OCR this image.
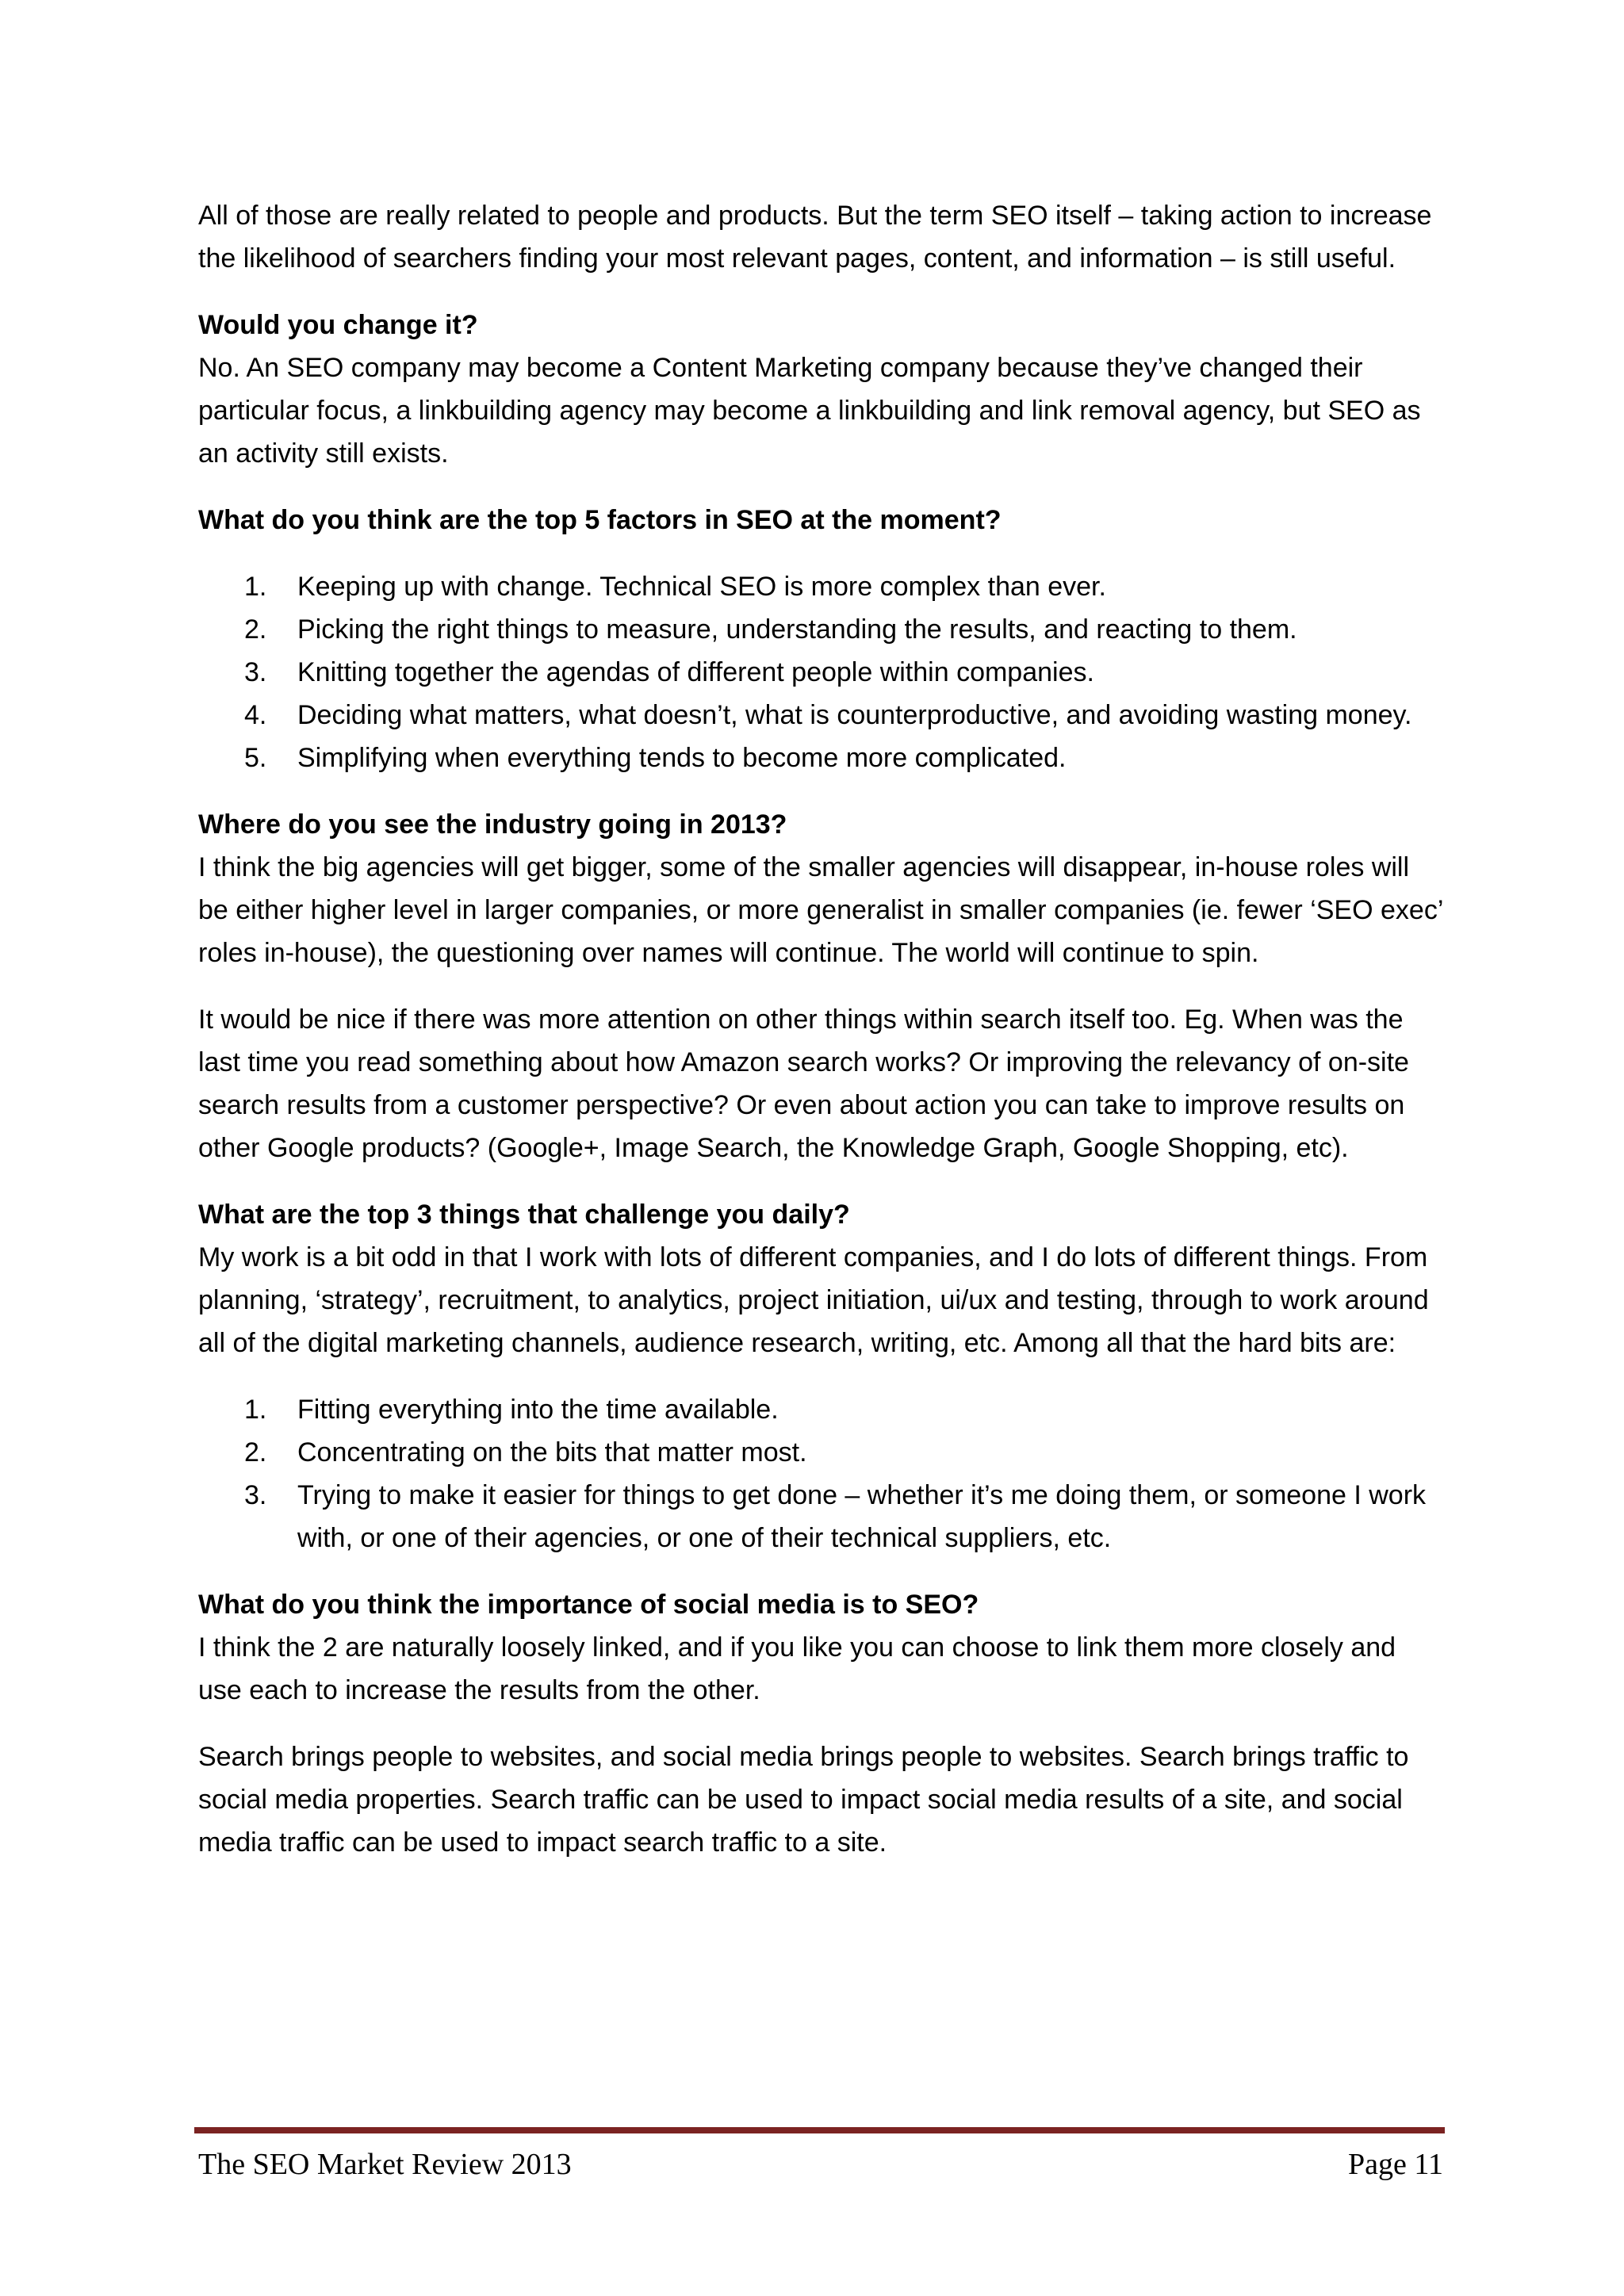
All of those are really related to people and products. But the term SEO itself – taking action to increase the likelihood of searchers finding your most relevant pages, content, and information – is still useful.

Would you change it?

No. An SEO company may become a Content Marketing company because they’ve changed their particular focus, a linkbuilding agency may become a linkbuilding and link removal agency, but SEO as an activity still exists.

What do you think are the top 5 factors in SEO at the moment?

1. Keeping up with change. Technical SEO is more complex than ever.
2. Picking the right things to measure, understanding the results, and reacting to them.
3. Knitting together the agendas of different people within companies.
4. Deciding what matters, what doesn’t, what is counterproductive, and avoiding wasting money.
5. Simplifying when everything tends to become more complicated.

Where do you see the industry going in 2013?

I think the big agencies will get bigger, some of the smaller agencies will disappear, in-house roles will be either higher level in larger companies, or more generalist in smaller companies (ie. fewer ‘SEO exec’ roles in-house), the questioning over names will continue. The world will continue to spin.

It would be nice if there was more attention on other things within search itself too. Eg. When was the last time you read something about how Amazon search works? Or improving the relevancy of on-site search results from a customer perspective? Or even about action you can take to improve results on other Google products? (Google+, Image Search, the Knowledge Graph, Google Shopping, etc).

What are the top 3 things that challenge you daily?

My work is a bit odd in that I work with lots of different companies, and I do lots of different things. From planning, ‘strategy’, recruitment, to analytics, project initiation, ui/ux and testing, through to work around all of the digital marketing channels, audience research, writing, etc. Among all that the hard bits are:

1. Fitting everything into the time available.
2. Concentrating on the bits that matter most.
3. Trying to make it easier for things to get done – whether it’s me doing them, or someone I work with, or one of their agencies, or one of their technical suppliers, etc.

What do you think the importance of social media is to SEO?

I think the 2 are naturally loosely linked, and if you like you can choose to link them more closely and use each to increase the results from the other.

Search brings people to websites, and social media brings people to websites. Search brings traffic to social media properties. Search traffic can be used to impact social media results of a site, and social media traffic can be used to impact search traffic to a site.

The SEO Market Review 2013	Page 11
